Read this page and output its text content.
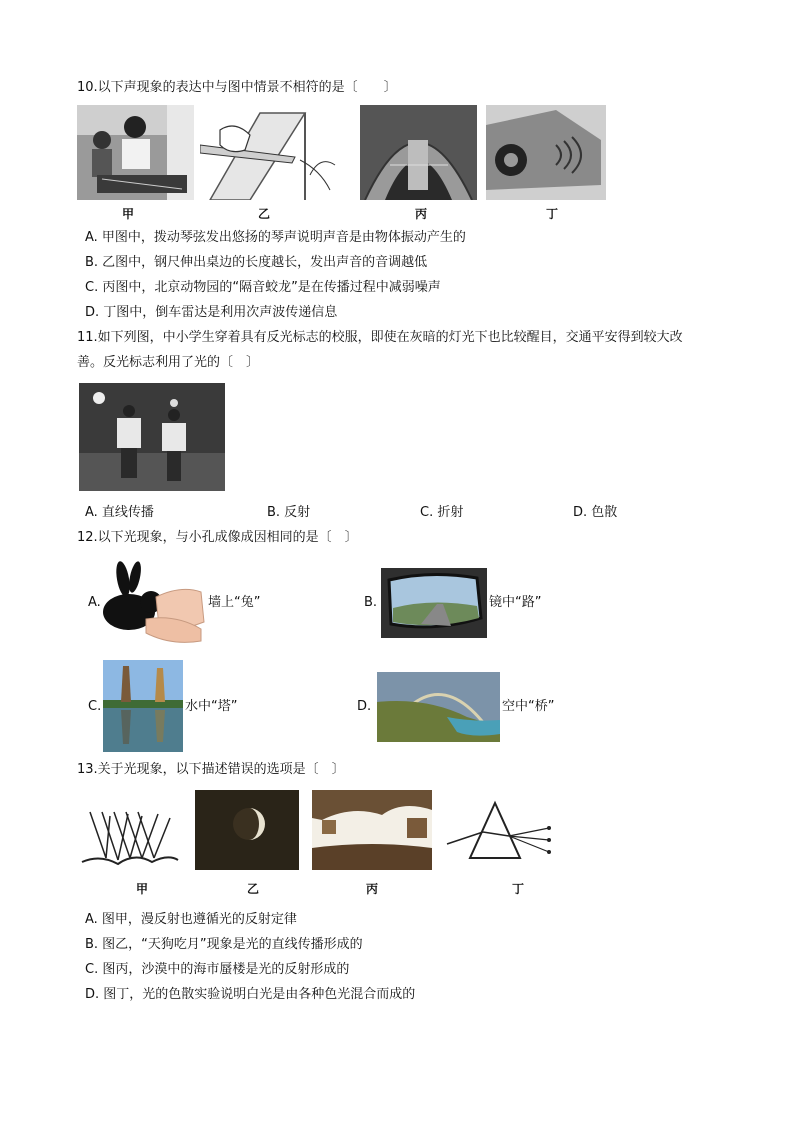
10.以下声现象的表达中与图中情景不相符的是〔　　〕
甲	乙	丙	丁
A. 甲图中，拨动琴弦发出悠扬的琴声说明声音是由物体振动产生的
B. 乙图中，钢尺伸出桌边的长度越长，发出声音的音调越低
C. 丙图中，北京动物园的“隔音蛟龙”是在传播过程中减弱噪声
D. 丁图中，倒车雷达是利用次声波传递信息
11.如下列图，中小学生穿着具有反光标志的校服，即使在灰暗的灯光下也比较醒目，交通平安得到较大改
善。反光标志利用了光的〔　〕
A. 直线传播	B. 反射	C. 折射	D. 色散
12.以下光现象，与小孔成像成因相同的是〔　〕
A.	墙上“兔”	B.	镜中“路”
C.	水中“塔”	D.	空中“桥”
13.关于光现象，以下描述错误的选项是〔　〕
甲	乙	丙	丁
A. 图甲，漫反射也遵循光的反射定律
B. 图乙，“天狗吃月”现象是光的直线传播形成的
C. 图丙，沙漠中的海市蜃楼是光的反射形成的
D. 图丁，光的色散实验说明白光是由各种色光混合而成的
